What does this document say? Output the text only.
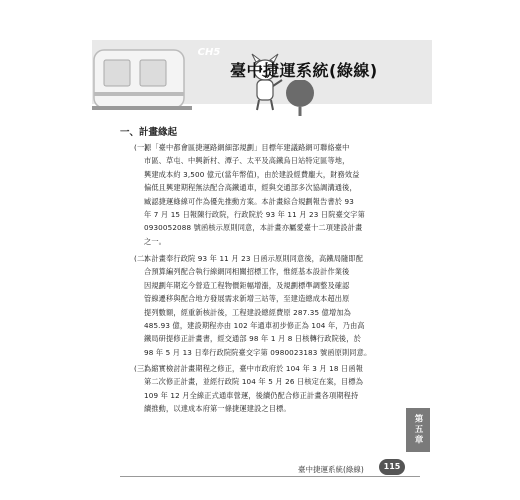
CH5
臺中捷運系統(綠線)
一、計畫緣起
(一)
源「臺中都會區捷運路網細部規劃」目標年建議路網可聯絡臺中
市區、草屯、中興新村、潭子、太平及高鐵烏日站特定區等地，
興建成本約 3,500 億元(當年幣值)，由於建設經費龐大，財務效益
偏低且興建期程無法配合高鐵通車，經與交通部多次協調溝通後，
臧認捷運綠線可作為優先推動方案。本計畫綜合規劃報告書於 93
年 7 月 15 日報陳行政院，行政院於 93 年 11 月 23 日院臺交字第
0930052088 號函核示原則同意，本計畫亦屬愛臺十二項建設計畫
之一。
(二)
本計畫奉行政院 93 年 11 月 23 日函示原則同意後，高鐵局隨即配
合預算編列配合執行線網同相關招標工作，惟經基本設計作業後
因規劃年期迄今營造工程物價鉅幅增漲，及規劃標準調整及確認
管線遷移與配合地方發展需求新增三站等，至建造總成本超出原
提列數額，經重新核計後，工程建設總經費原 287.35 億增加為
485.93 億，建設期程亦由 102 年通車初步修正為 104 年，乃由高
鐵局研提修正計畫書，經交通部 98 年 1 月 8 日核轉行政院後，於
98 年 5 月 13 日奉行政院院臺交字第 0980023183 號函原則同意。
(三)
為縮實檢討計畫期程之修正，臺中市政府於 104 年 3 月 18 日函報
第二次修正計畫，並經行政院 104 年 5 月 26 日核定在案，目標為
109 年 12 月全線正式通車營運，後續仍配合修正計畫各項期程持
續推動，以達成本府第一條捷運建設之目標。
第五章
臺中捷運系統(綠線)	115
